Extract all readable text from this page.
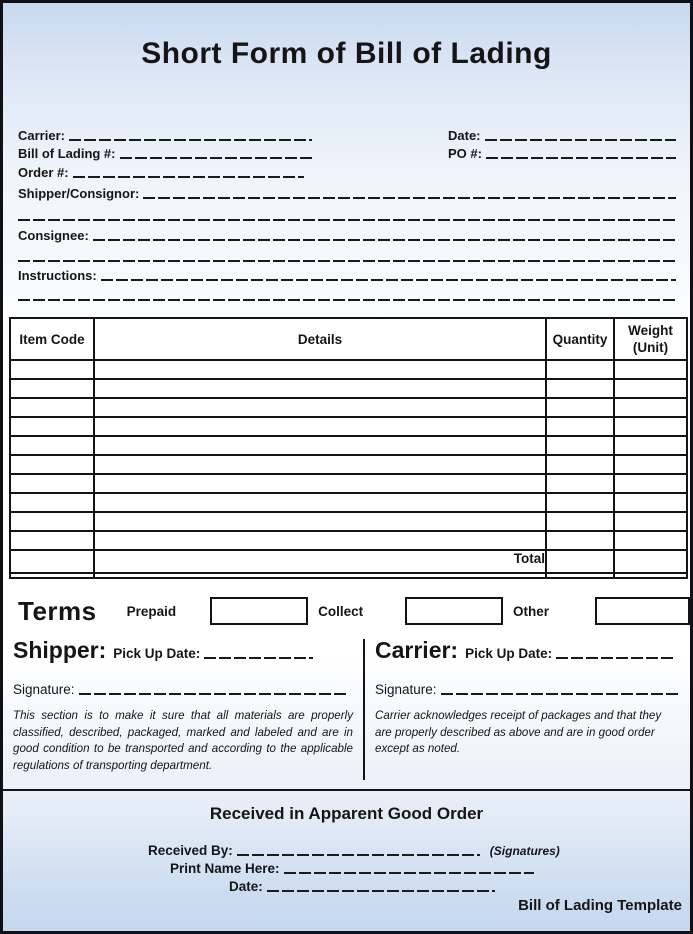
Short Form of Bill of Lading
Carrier:	Date:
Bill of Lading #:	PO #:
Order #:
Shipper/Consignor:
Consignee:
Instructions:
Item Code	Details	Quantity	Weight (Unit)

	Total		

Terms Prepaid	Collect	Other
Shipper: Pick Up Date:
Signature:
This section is to make it sure that all materials are properly classified, described, packaged, marked and labeled and are in good condition to be transported and according to the applicable regulations of transporting department.
Carrier: Pick Up Date:
Signature:
Carrier acknowledges receipt of packages and that they are properly described as above and are in good order except as noted.
Received in Apparent Good Order
Received By:	(Signatures)
Print Name Here:
Date:
Bill of Lading Template
